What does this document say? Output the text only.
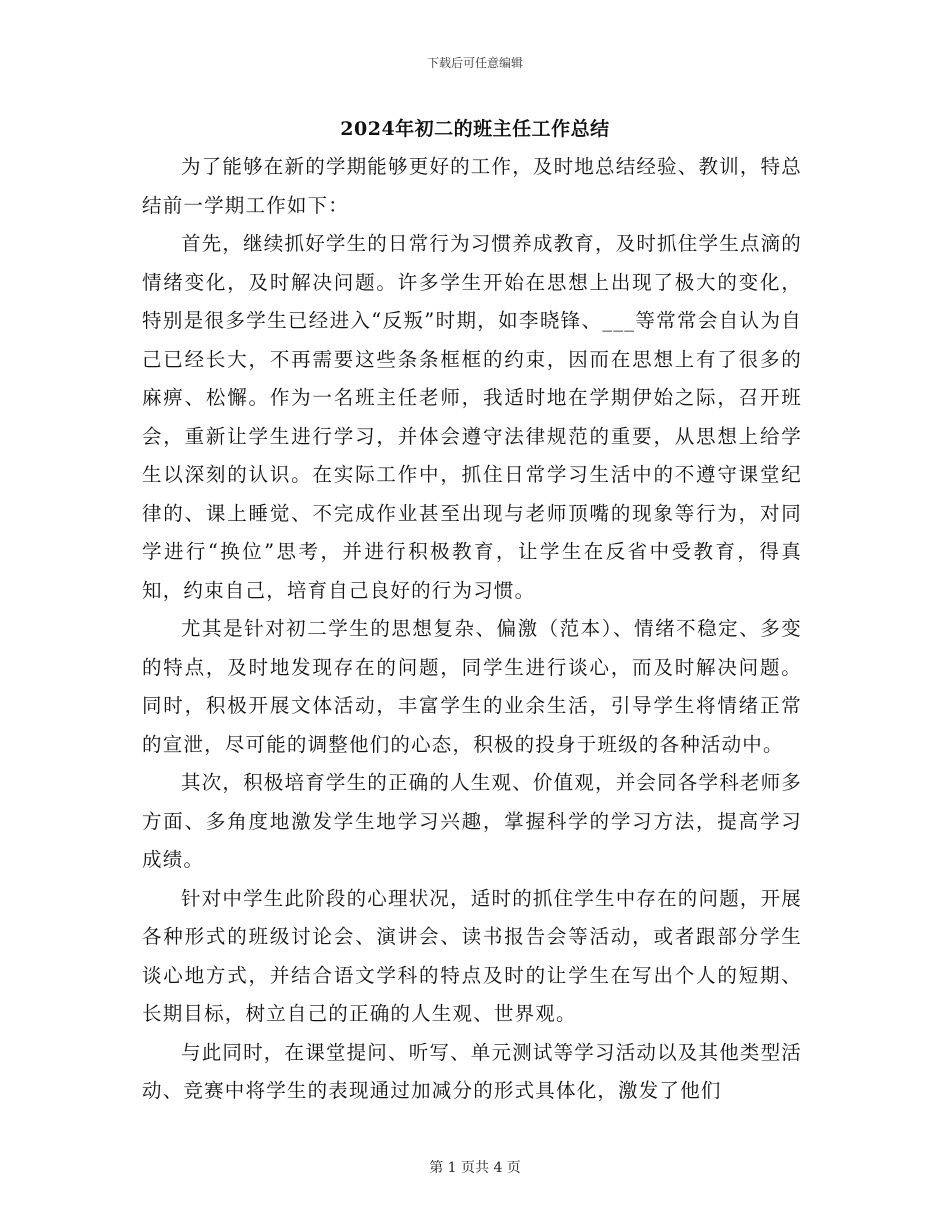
下载后可任意编辑
2024年初二的班主任工作总结

为了能够在新的学期能够更好的工作，及时地总结经验、教训，特总结前一学期工作如下：

首先，继续抓好学生的日常行为习惯养成教育，及时抓住学生点滴的情绪变化，及时解决问题。许多学生开始在思想上出现了极大的变化，特别是很多学生已经进入“反叛”时期，如李晓锋、___等常常会自认为自己已经长大，不再需要这些条条框框的约束，因而在思想上有了很多的麻痹、松懈。作为一名班主任老师，我适时地在学期伊始之际，召开班会，重新让学生进行学习，并体会遵守法律规范的重要，从思想上给学生以深刻的认识。在实际工作中，抓住日常学习生活中的不遵守课堂纪律的、课上睡觉、不完成作业甚至出现与老师顶嘴的现象等行为，对同学进行“换位”思考，并进行积极教育，让学生在反省中受教育，得真知，约束自己，培育自己良好的行为习惯。

尤其是针对初二学生的思想复杂、偏激（范本）、情绪不稳定、多变的特点，及时地发现存在的问题，同学生进行谈心，而及时解决问题。同时，积极开展文体活动，丰富学生的业余生活，引导学生将情绪正常的宣泄，尽可能的调整他们的心态，积极的投身于班级的各种活动中。

其次，积极培育学生的正确的人生观、价值观，并会同各学科老师多方面、多角度地激发学生地学习兴趣，掌握科学的学习方法，提高学习成绩。

针对中学生此阶段的心理状况，适时的抓住学生中存在的问题，开展各种形式的班级讨论会、演讲会、读书报告会等活动，或者跟部分学生谈心地方式，并结合语文学科的特点及时的让学生在写出个人的短期、长期目标，树立自己的正确的人生观、世界观。

与此同时，在课堂提问、听写、单元测试等学习活动以及其他类型活动、竞赛中将学生的表现通过加减分的形式具体化，激发了他们

第 1 页共 4 页
